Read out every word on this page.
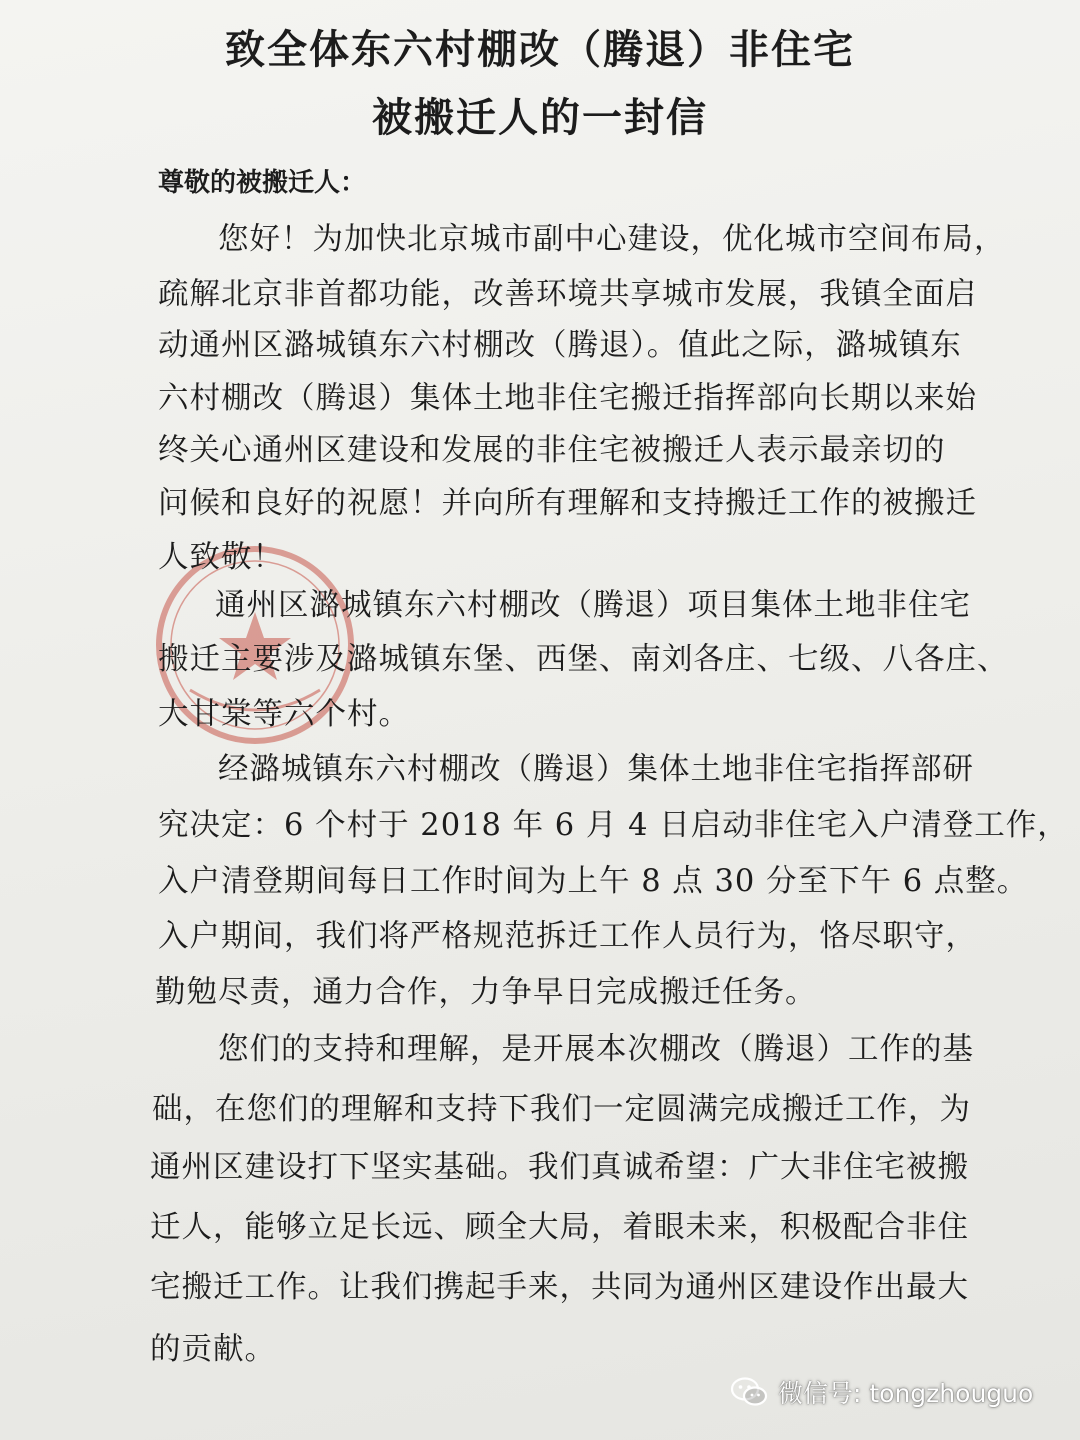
致全体东六村棚改（腾退）非住宅
被搬迁人的一封信
尊敬的被搬迁人：
您好！为加快北京城市副中心建设，优化城市空间布局，
疏解北京非首都功能，改善环境共享城市发展，我镇全面启
动通州区潞城镇东六村棚改（腾退）。值此之际，潞城镇东
六村棚改（腾退）集体土地非住宅搬迁指挥部向长期以来始
终关心通州区建设和发展的非住宅被搬迁人表示最亲切的
问候和良好的祝愿！并向所有理解和支持搬迁工作的被搬迁
人致敬！
通州区潞城镇东六村棚改（腾退）项目集体土地非住宅
搬迁主要涉及潞城镇东堡、西堡、南刘各庄、七级、八各庄、
大甘棠等六个村。
经潞城镇东六村棚改（腾退）集体土地非住宅指挥部研
究决定：6 个村于 2018 年 6 月 4 日启动非住宅入户清登工作，
入户清登期间每日工作时间为上午 8 点 30 分至下午 6 点整。
入户期间，我们将严格规范拆迁工作人员行为，恪尽职守，
勤勉尽责，通力合作，力争早日完成搬迁任务。
您们的支持和理解，是开展本次棚改（腾退）工作的基
础，在您们的理解和支持下我们一定圆满完成搬迁工作，为
通州区建设打下坚实基础。我们真诚希望：广大非住宅被搬
迁人，能够立足长远、顾全大局，着眼未来，积极配合非住
宅搬迁工作。让我们携起手来，共同为通州区建设作出最大
的贡献。
微信号: tongzhouguo
